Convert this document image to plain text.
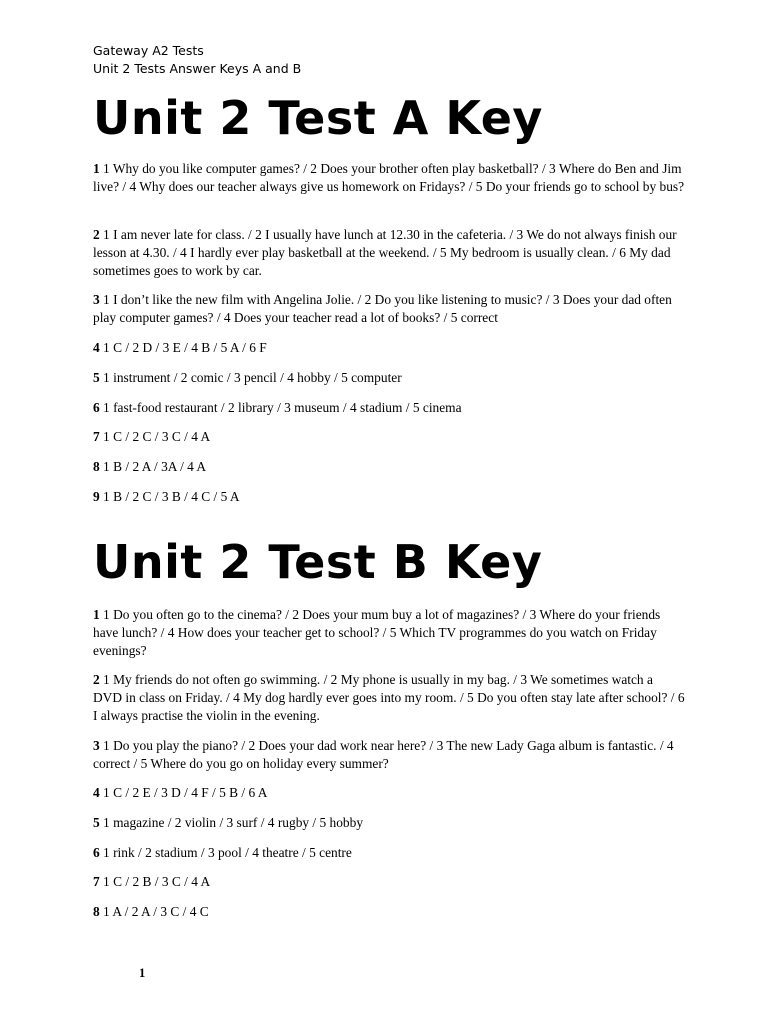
Gateway A2 Tests
Unit 2 Tests Answer Keys A and B
Unit 2 Test A Key
1 1 Why do you like computer games? / 2 Does your brother often play basketball? / 3 Where do Ben and Jim live? / 4 Why does our teacher always give us homework on Fridays? / 5 Do your friends go to school by bus?
2 1 I am never late for class. / 2 I usually have lunch at 12.30 in the cafeteria. / 3 We do not always finish our lesson at 4.30. / 4 I hardly ever play basketball at the weekend. / 5 My bedroom is usually clean. / 6 My dad sometimes goes to work by car.
3 1 I don’t like the new film with Angelina Jolie. / 2 Do you like listening to music? / 3 Does your dad often play computer games? / 4 Does your teacher read a lot of books? / 5 correct
4 1 C / 2 D / 3 E / 4 B / 5 A / 6 F
5 1 instrument / 2 comic / 3 pencil / 4 hobby / 5 computer
6 1 fast-food restaurant / 2 library / 3 museum / 4 stadium / 5 cinema
7 1 C / 2 C / 3 C / 4 A
8 1 B / 2 A / 3A / 4 A
9 1 B / 2 C / 3 B / 4 C / 5 A
Unit 2 Test B Key
1 1 Do you often go to the cinema? / 2 Does your mum buy a lot of magazines? / 3 Where do your friends have lunch? / 4 How does your teacher get to school? / 5 Which TV programmes do you watch on Friday evenings?
2 1 My friends do not often go swimming. / 2 My phone is usually in my bag. / 3 We sometimes watch a DVD in class on Friday. / 4 My dog hardly ever goes into my room. / 5 Do you often stay late after school? / 6 I always practise the violin in the evening.
3 1 Do you play the piano? / 2 Does your dad work near here? / 3 The new Lady Gaga album is fantastic. / 4 correct / 5 Where do you go on holiday every summer?
4 1 C / 2 E / 3 D / 4 F / 5 B / 6 A
5 1 magazine / 2 violin / 3 surf / 4 rugby / 5 hobby
6 1 rink / 2 stadium / 3 pool / 4 theatre / 5 centre
7 1 C / 2 B / 3 C / 4 A
8 1 A / 2 A / 3 C / 4 C
1
